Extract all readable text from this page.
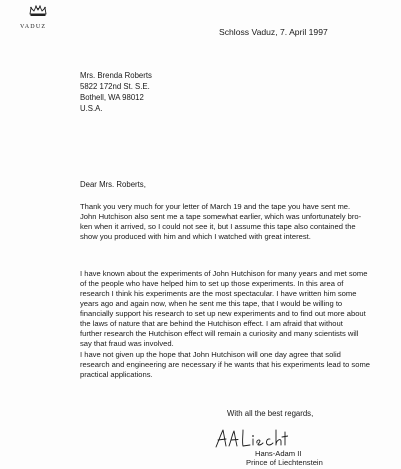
VADUZ	Schloss Vaduz, 7. April 1997
Mrs. Brenda Roberts
5822 172nd St. S.E.
Bothell, WA 98012
U.S.A.
Dear Mrs. Roberts,
Thank you very much for your letter of March 19 and the tape you have sent me.
John Hutchison also sent me a tape somewhat earlier, which was unfortunately bro-
ken when it arrived, so I could not see it, but I assume this tape also contained the
show you produced with him and which I watched with great interest.
I have known about the experiments of John Hutchison for many years and met some
of the people who have helped him to set up those experiments. In this area of
research I think his experiments are the most spectacular. I have written him some
years ago and again now, when he sent me this tape, that I would be willing to
financially support his research to set up new experiments and to find out more about
the laws of nature that are behind the Hutchison effect. I am afraid that without
further research the Hutchison effect will remain a curiosity and many scientists will
say that fraud was involved.
I have not given up the hope that John Hutchison will one day agree that solid
research and engineering are necessary if he wants that his experiments lead to some
practical applications.
With all the best regards,
Hans-Adam II
Prince of Liechtenstein
